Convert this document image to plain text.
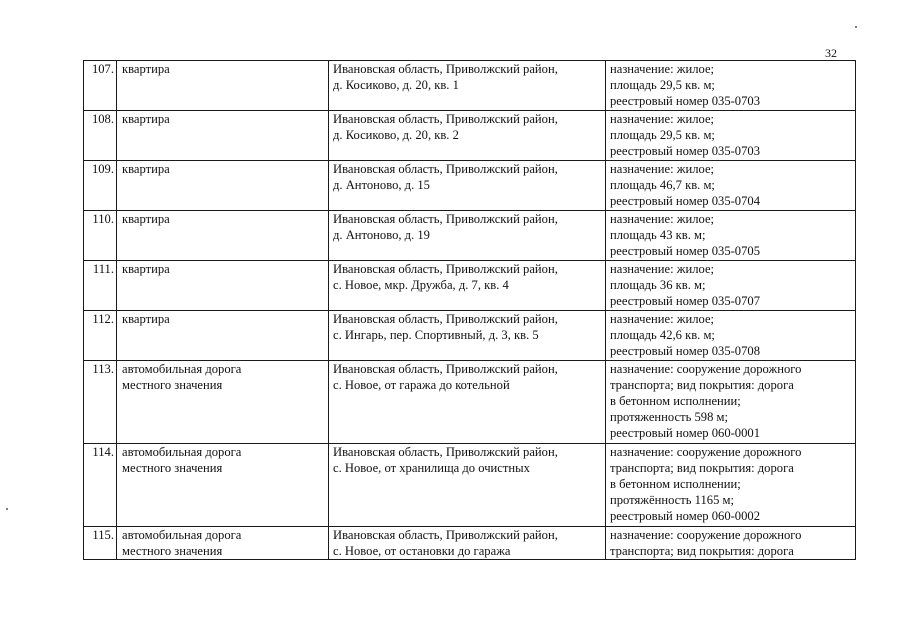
32
107.	квартира	Ивановская область, Приволжский район,
д. Косиково, д. 20, кв. 1	назначение: жилое;
площадь 29,5 кв. м;
реестровый номер 035-0703

108.	квартира	Ивановская область, Приволжский район,
д. Косиково, д. 20, кв. 2	назначение: жилое;
площадь 29,5 кв. м;
реестровый номер 035-0703

109.	квартира	Ивановская область, Приволжский район,
д. Антоново, д. 15	назначение: жилое;
площадь 46,7 кв. м;
реестровый номер 035-0704

110.	квартира	Ивановская область, Приволжский район,
д. Антоново, д. 19	назначение: жилое;
площадь 43 кв. м;
реестровый номер 035-0705

111.	квартира	Ивановская область, Приволжский район,
с. Новое, мкр. Дружба, д. 7, кв. 4	назначение: жилое;
площадь 36 кв. м;
реестровый номер 035-0707

112.	квартира	Ивановская область, Приволжский район,
с. Ингарь, пер. Спортивный, д. 3, кв. 5	назначение: жилое;
площадь 42,6 кв. м;
реестровый номер 035-0708

113.	автомобильная дорога
местного значения	Ивановская область, Приволжский район,
с. Новое, от гаража до котельной	назначение: сооружение дорожного
транспорта; вид покрытия: дорога
в бетонном исполнении;
протяженность 598 м;
реестровый номер 060-0001

114.	автомобильная дорога
местного значения	Ивановская область, Приволжский район,
с. Новое, от хранилища до очистных	назначение: сооружение дорожного
транспорта; вид покрытия: дорога
в бетонном исполнении;
протяжённость 1165 м;
реестровый номер 060-0002

115.	автомобильная дорога
местного значения	Ивановская область, Приволжский район,
с. Новое, от остановки до гаража	назначение: сооружение дорожного
транспорта; вид покрытия: дорога
